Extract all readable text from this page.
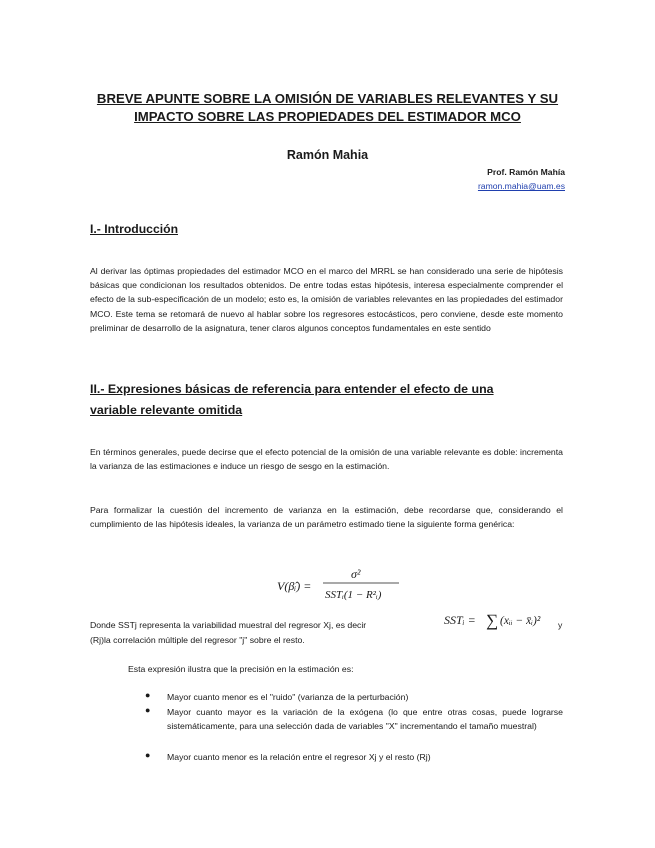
BREVE APUNTE SOBRE LA OMISIÓN DE VARIABLES RELEVANTES Y SU
IMPACTO SOBRE LAS PROPIEDADES DEL ESTIMADOR MCO
Ramón Mahia
Prof. Ramón Mahía
ramon.mahia@uam.es
I.- Introducción
Al derivar las óptimas propiedades del estimador MCO en el marco del MRRL se han considerado una serie de hipótesis básicas que condicionan los resultados obtenidos. De entre todas estas hipótesis, interesa especialmente comprender el efecto de la sub-especificación de un modelo; esto es, la omisión de variables relevantes en las propiedades del estimador MCO. Este tema se retomará de nuevo al hablar sobre los regresores estocásticos, pero conviene, desde este momento preliminar de desarrollo de la asignatura, tener claros algunos conceptos fundamentales en este sentido
II.- Expresiones básicas de referencia para entender el efecto de una
variable relevante omitida
En términos generales, puede decirse que el efecto potencial de la omisión de una variable relevante es doble: incrementa la varianza de las estimaciones e induce un riesgo de sesgo en la estimación.
Para formalizar la cuestión del incremento de varianza en la estimación, debe recordarse que, considerando el cumplimiento de las hipótesis ideales, la varianza de un parámetro estimado tiene la siguiente forma genérica:
V(β̂ᵢ) =
σ²
SSTᵢ(1 − R²ᵢ)
Donde SSTj representa la variabilidad muestral del regresor Xj, es decir	SSTᵢ = ∑ (xᵢᵢ − x̄ᵢ)² y
(Rj)la correlación múltiple del regresor "j" sobre el resto.
Esta expresión ilustra que la precisión en la estimación es:
● Mayor cuanto menor es el "ruido" (varianza de la perturbación)
● Mayor cuanto mayor es la variación de la exógena (lo que entre otras cosas, puede lograrse sistemáticamente, para una selección dada de variables "X" incrementando el tamaño muestral)
● Mayor cuanto menor es la relación entre el regresor Xj y el resto (Rj)
